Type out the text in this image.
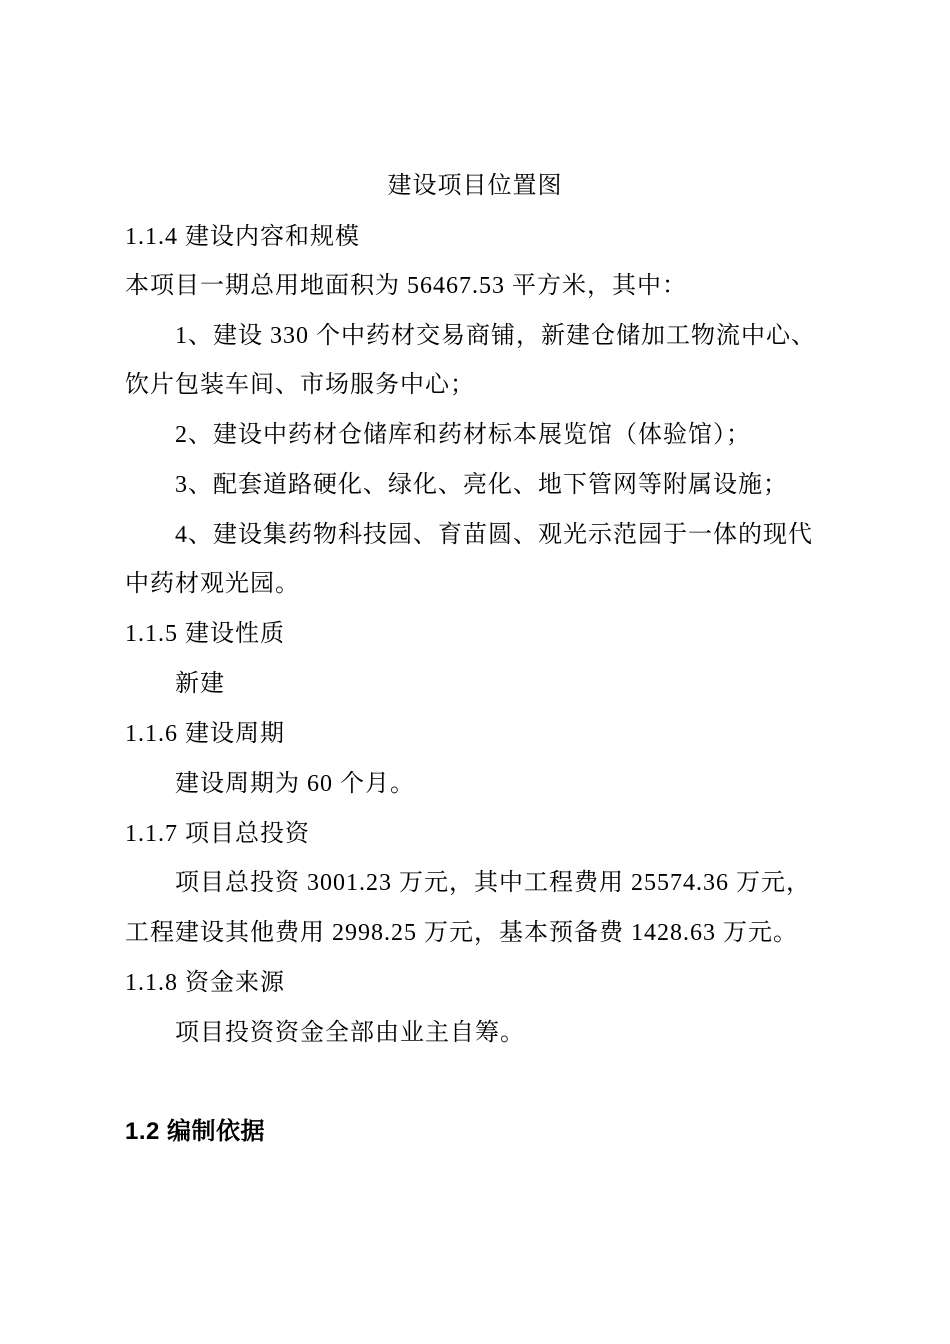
建设项目位置图
1.1.4 建设内容和规模
本项目一期总用地面积为 56467.53 平方米，其中：
1、建设 330 个中药材交易商铺，新建仓储加工物流中心、
饮片包装车间、市场服务中心；
2、建设中药材仓储库和药材标本展览馆（体验馆）；
3、配套道路硬化、绿化、亮化、地下管网等附属设施；
4、建设集药物科技园、育苗圆、观光示范园于一体的现代
中药材观光园。
1.1.5 建设性质
新建
1.1.6 建设周期
建设周期为 60 个月。
1.1.7 项目总投资
项目总投资 3001.23 万元，其中工程费用 25574.36 万元，
工程建设其他费用 2998.25 万元，基本预备费 1428.63 万元。
1.1.8 资金来源
项目投资资金全部由业主自筹。
1.2 编制依据
